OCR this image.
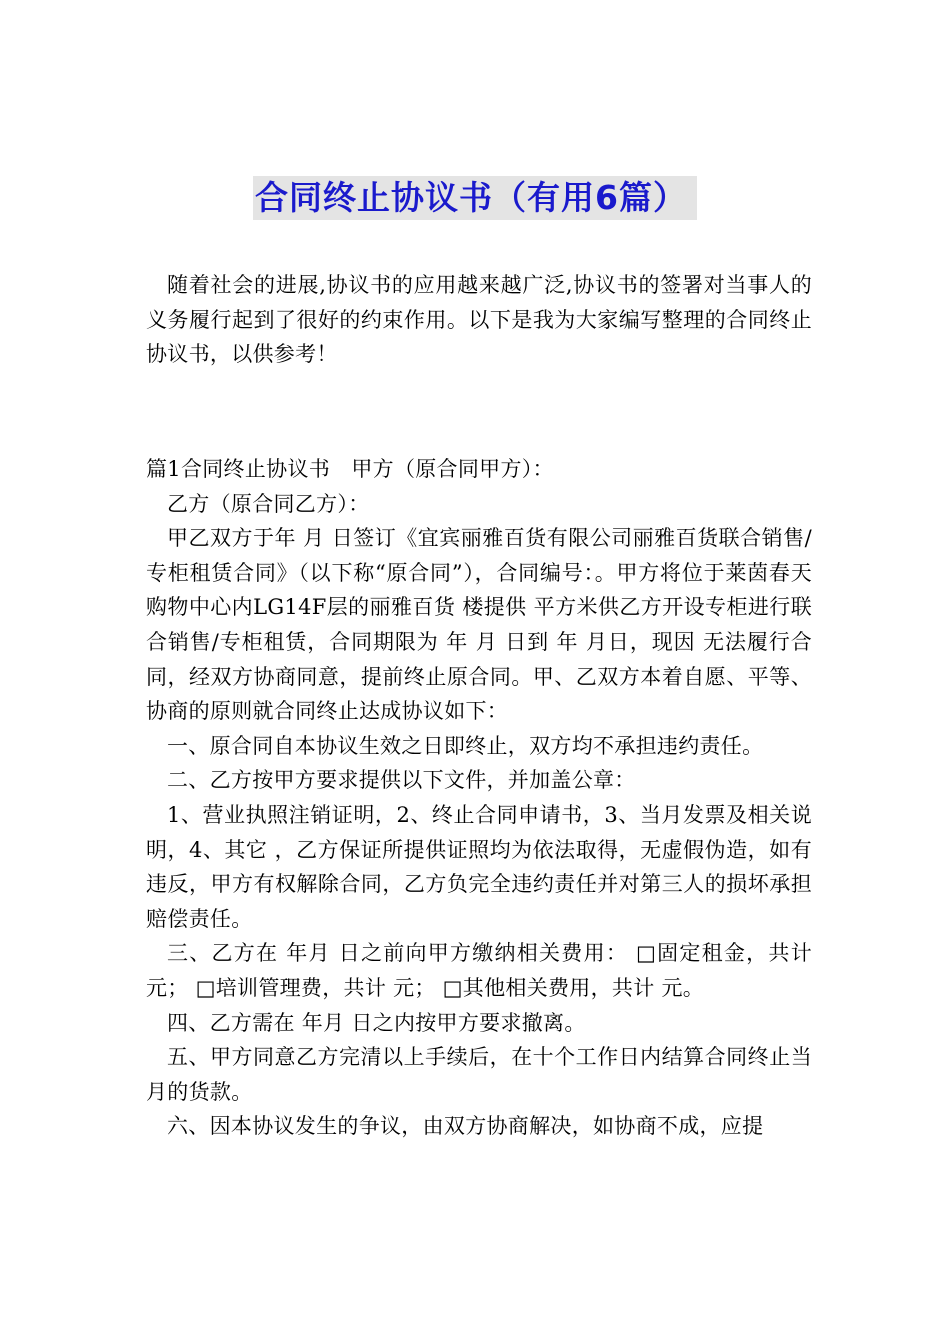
合同终止协议书（有用6篇）

随着社会的进展,协议书的应用越来越广泛,协议书的签署对当事人的义务履行起到了很好的约束作用。以下是我为大家编写整理的合同终止协议书，以供参考！

篇1合同终止协议书　甲方（原合同甲方）：

乙方（原合同乙方）：

甲乙双方于年 月 日签订《宜宾丽雅百货有限公司丽雅百货联合销售/专柜租赁合同》（以下称“原合同”），合同编号：。甲方将位于莱茵春天购物中心内LG14F层的丽雅百货 楼提供 平方米供乙方开设专柜进行联合销售/专柜租赁，合同期限为 年 月 日到 年 月日，现因 无法履行合同，经双方协商同意，提前终止原合同。甲、乙双方本着自愿、平等、协商的原则就合同终止达成协议如下：

一、原合同自本协议生效之日即终止，双方均不承担违约责任。

二、乙方按甲方要求提供以下文件，并加盖公章：

1、营业执照注销证明，2、终止合同申请书，3、当月发票及相关说明，4、其它 ，乙方保证所提供证照均为依法取得，无虚假伪造，如有违反，甲方有权解除合同，乙方负完全违约责任并对第三人的损坏承担赔偿责任。

三、乙方在 年月 日之前向甲方缴纳相关费用： □固定租金，共计 元； □培训管理费，共计 元； □其他相关费用，共计 元。

四、乙方需在 年月 日之内按甲方要求撤离。

五、甲方同意乙方完清以上手续后，在十个工作日内结算合同终止当月的货款。

六、因本协议发生的争议，由双方协商解决，如协商不成，应提
